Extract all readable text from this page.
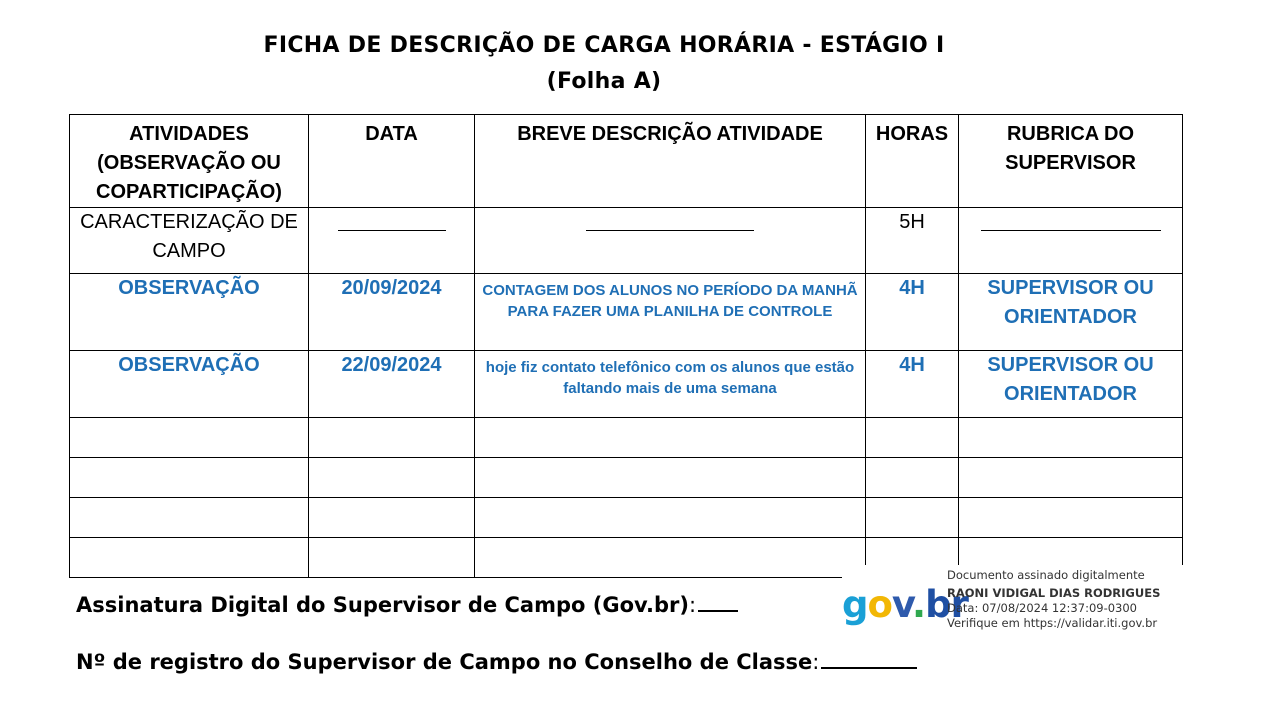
FICHA DE DESCRIÇÃO DE CARGA HORÁRIA - ESTÁGIO I
(Folha A)
ATIVIDADES (OBSERVAÇÃO OU COPARTICIPAÇÃO)	DATA	BREVE DESCRIÇÃO ATIVIDADE	HORAS	RUBRICA DO SUPERVISOR
CARACTERIZAÇÃO DE CAMPO			5H	
OBSERVAÇÃO	20/09/2024	CONTAGEM DOS ALUNOS NO PERÍODO DA MANHÃ PARA FAZER UMA PLANILHA DE CONTROLE	4H	SUPERVISOR OU ORIENTADOR
OBSERVAÇÃO	22/09/2024	hoje fiz contato telefônico com os alunos que estão faltando mais de uma semana	4H	SUPERVISOR OU ORIENTADOR

gov.br
Documento assinado digitalmente
RAONI VIDIGAL DIAS RODRIGUES
Data: 07/08/2024 12:37:09-0300
Verifique em https://validar.iti.gov.br
Assinatura Digital do Supervisor de Campo (Gov.br):
Nº de registro do Supervisor de Campo no Conselho de Classe:
